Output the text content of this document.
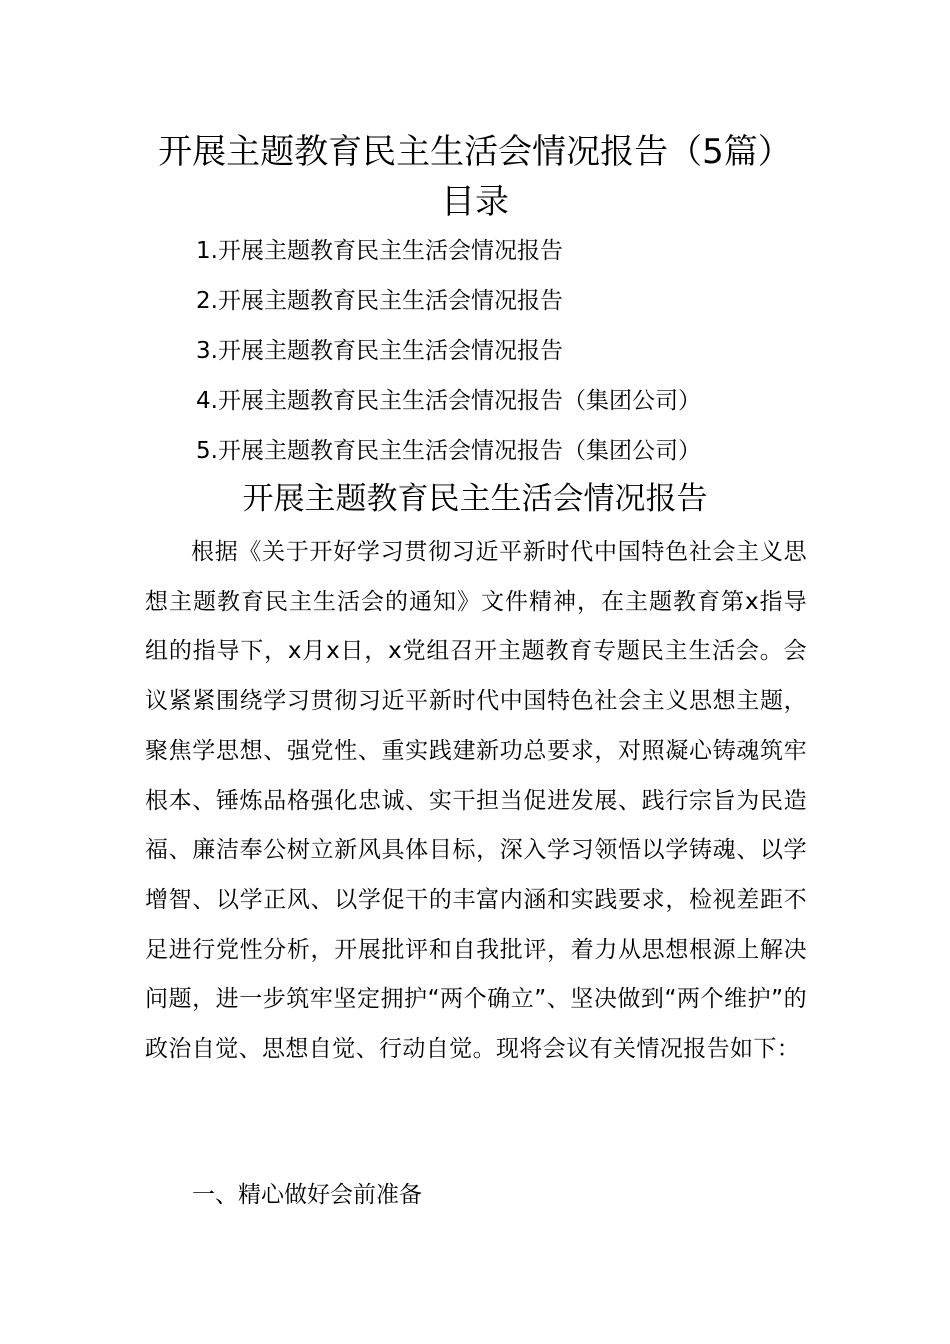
开展主题教育民主生活会情况报告（5篇）
目录
1.开展主题教育民主生活会情况报告
2.开展主题教育民主生活会情况报告
3.开展主题教育民主生活会情况报告
4.开展主题教育民主生活会情况报告（集团公司）
5.开展主题教育民主生活会情况报告（集团公司）
开展主题教育民主生活会情况报告

根据《关于开好学习贯彻习近平新时代中国特色社会主义思想主题教育民主生活会的通知》文件精神，在主题教育第x指导组的指导下，x月x日，x党组召开主题教育专题民主生活会。会议紧紧围绕学习贯彻习近平新时代中国特色社会主义思想主题，聚焦学思想、强党性、重实践建新功总要求，对照凝心铸魂筑牢根本、锤炼品格强化忠诚、实干担当促进发展、践行宗旨为民造福、廉洁奉公树立新风具体目标，深入学习领悟以学铸魂、以学增智、以学正风、以学促干的丰富内涵和实践要求，检视差距不足进行党性分析，开展批评和自我批评，着力从思想根源上解决问题，进一步筑牢坚定拥护“两个确立”、坚决做到“两个维护”的政治自觉、思想自觉、行动自觉。现将会议有关情况报告如下：

一、精心做好会前准备
